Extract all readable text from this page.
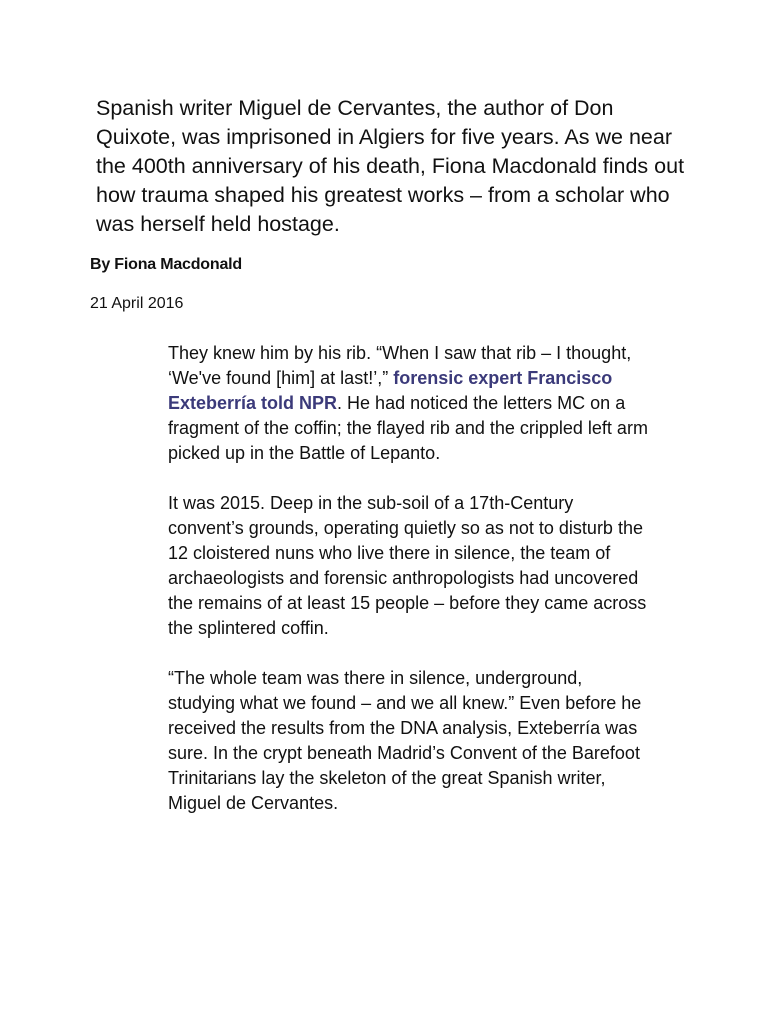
Spanish writer Miguel de Cervantes, the author of Don Quixote, was imprisoned in Algiers for five years. As we near the 400th anniversary of his death, Fiona Macdonald finds out how trauma shaped his greatest works – from a scholar who was herself held hostage.

By Fiona Macdonald

21 April 2016

They knew him by his rib. “When I saw that rib – I thought, ‘We've found [him] at last!’,” forensic expert Francisco Exteberría told NPR. He had noticed the letters MC on a fragment of the coffin; the flayed rib and the crippled left arm picked up in the Battle of Lepanto.

It was 2015. Deep in the sub-soil of a 17th-Century convent’s grounds, operating quietly so as not to disturb the 12 cloistered nuns who live there in silence, the team of archaeologists and forensic anthropologists had uncovered the remains of at least 15 people – before they came across the splintered coffin.

“The whole team was there in silence, underground, studying what we found – and we all knew.” Even before he received the results from the DNA analysis, Exteberría was sure. In the crypt beneath Madrid’s Convent of the Barefoot Trinitarians lay the skeleton of the great Spanish writer, Miguel de Cervantes.
